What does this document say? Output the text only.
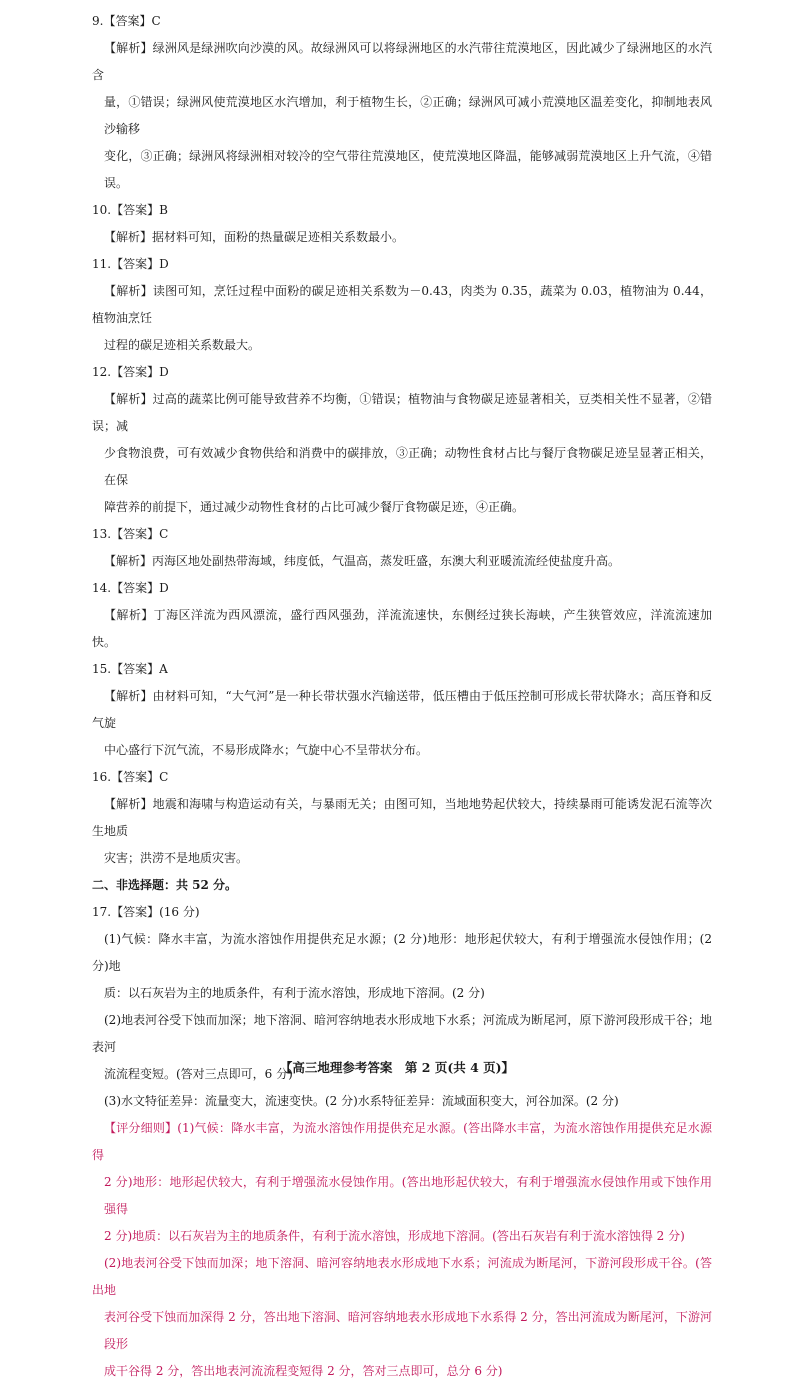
9.【答案】C

【解析】绿洲风是绿洲吹向沙漠的风。故绿洲风可以将绿洲地区的水汽带往荒漠地区，因此减少了绿洲地区的水汽含

量，①错误；绿洲风使荒漠地区水汽增加，利于植物生长，②正确；绿洲风可减小荒漠地区温差变化，抑制地表风沙输移

变化，③正确；绿洲风将绿洲相对较冷的空气带往荒漠地区，使荒漠地区降温，能够减弱荒漠地区上升气流，④错误。

10.【答案】B

【解析】据材料可知，面粉的热量碳足迹相关系数最小。

11.【答案】D

【解析】读图可知，烹饪过程中面粉的碳足迹相关系数为－0.43，肉类为 0.35，蔬菜为 0.03，植物油为 0.44，植物油烹饪

过程的碳足迹相关系数最大。

12.【答案】D

【解析】过高的蔬菜比例可能导致营养不均衡，①错误；植物油与食物碳足迹显著相关，豆类相关性不显著，②错误；减

少食物浪费，可有效减少食物供给和消费中的碳排放，③正确；动物性食材占比与餐厅食物碳足迹呈显著正相关，在保

障营养的前提下，通过减少动物性食材的占比可减少餐厅食物碳足迹，④正确。

13.【答案】C

【解析】丙海区地处副热带海域，纬度低，气温高，蒸发旺盛，东澳大利亚暖流流经使盐度升高。

14.【答案】D

【解析】丁海区洋流为西风漂流，盛行西风强劲，洋流流速快，东侧经过狭长海峡，产生狭管效应，洋流流速加快。

15.【答案】A

【解析】由材料可知，“大气河”是一种长带状强水汽输送带，低压槽由于低压控制可形成长带状降水；高压脊和反气旋

中心盛行下沉气流，不易形成降水；气旋中心不呈带状分布。

16.【答案】C

【解析】地震和海啸与构造运动有关，与暴雨无关；由图可知，当地地势起伏较大，持续暴雨可能诱发泥石流等次生地质

灾害；洪涝不是地质灾害。

二、非选择题：共 52 分。

17.【答案】(16 分)

(1)气候：降水丰富，为流水溶蚀作用提供充足水源；(2 分)地形：地形起伏较大，有利于增强流水侵蚀作用；(2 分)地

质：以石灰岩为主的地质条件，有利于流水溶蚀，形成地下溶洞。(2 分)

(2)地表河谷受下蚀而加深；地下溶洞、暗河容纳地表水形成地下水系；河流成为断尾河，原下游河段形成干谷；地表河

流流程变短。(答对三点即可，6 分)

(3)水文特征差异：流量变大，流速变快。(2 分)水系特征差异：流域面积变大，河谷加深。(2 分)

【评分细则】(1)气候：降水丰富，为流水溶蚀作用提供充足水源。(答出降水丰富，为流水溶蚀作用提供充足水源得

2 分)地形：地形起伏较大，有利于增强流水侵蚀作用。(答出地形起伏较大，有利于增强流水侵蚀作用或下蚀作用强得

2 分)地质：以石灰岩为主的地质条件，有利于流水溶蚀，形成地下溶洞。(答出石灰岩有利于流水溶蚀得 2 分)

(2)地表河谷受下蚀而加深；地下溶洞、暗河容纳地表水形成地下水系；河流成为断尾河，下游河段形成干谷。(答出地

表河谷受下蚀而加深得 2 分，答出地下溶洞、暗河容纳地表水形成地下水系得 2 分，答出河流成为断尾河，下游河段形

成干谷得 2 分，答出地表河流流程变短得 2 分，答对三点即可，总分 6 分)

【高三地理参考答案　第 2 页(共 4 页)】
